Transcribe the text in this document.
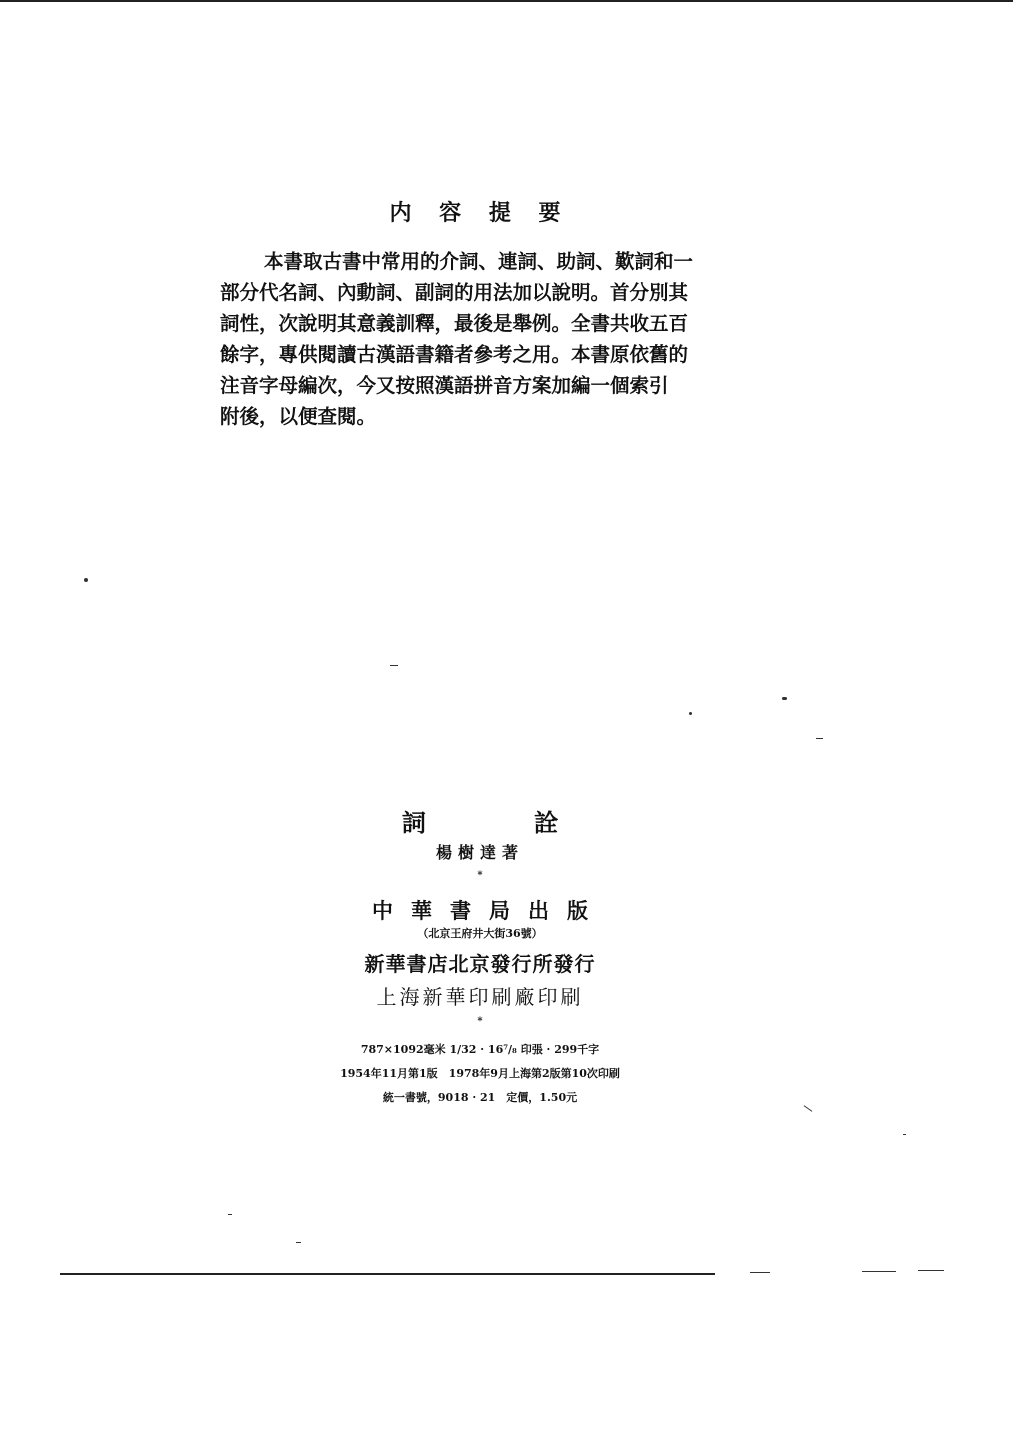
内 容 提 要
本書取古書中常用的介詞、連詞、助詞、歎詞和一
部分代名詞、內動詞、副詞的用法加以說明。首分別其
詞性，次說明其意義訓釋，最後是舉例。全書共收五百
餘字，專供閱讀古漢語書籍者參考之用。本書原依舊的
注音字母編次，今又按照漢語拼音方案加編一個索引
附後，以便查閱。
詞 詮
楊樹達著
*
中華書局出版
（北京王府井大街36號）
新華書店北京發行所發行
上海新華印刷廠印刷
*
787×1092毫米 1/32 · 16⁷/₈ 印張 · 299千字
1954年11月第1版　1978年9月上海第2版第10次印刷
統一書號，9018 · 21　定價，1.50元
